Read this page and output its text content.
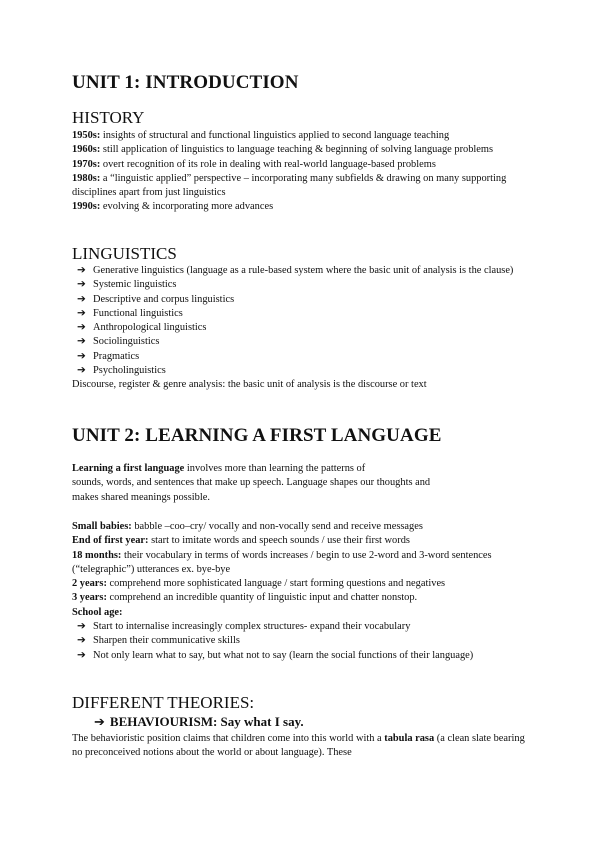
UNIT 1: INTRODUCTION
HISTORY
1950s: insights of structural and functional linguistics applied to second language teaching
1960s: still application of linguistics to language teaching & beginning of solving language problems
1970s: overt recognition of its role in dealing with real-world language-based problems
1980s: a “linguistic applied” perspective – incorporating many subfields & drawing on many supporting disciplines apart from just linguistics
1990s: evolving & incorporating more advances
LINGUISTICS
➔ Generative linguistics (language as a rule-based system where the basic unit of analysis is the clause)
➔ Systemic linguistics
➔ Descriptive and corpus linguistics
➔ Functional linguistics
➔ Anthropological linguistics
➔ Sociolinguistics
➔ Pragmatics
➔ Psycholinguistics
Discourse, register & genre analysis: the basic unit of analysis is the discourse or text
UNIT 2: LEARNING A FIRST LANGUAGE
Learning a first language involves more than learning the patterns of
sounds, words, and sentences that make up speech. Language shapes our thoughts and
makes shared meanings possible.
Small babies: babble –coo–cry/ vocally and non-vocally send and receive messages
End of first year: start to imitate words and speech sounds / use their first words
18 months: their vocabulary in terms of words increases / begin to use 2-word and 3-word sentences (“telegraphic”) utterances ex. bye-bye
2 years: comprehend more sophisticated language / start forming questions and negatives
3 years: comprehend an incredible quantity of linguistic input and chatter nonstop.
School age:
➔ Start to internalise increasingly complex structures- expand their vocabulary
➔ Sharpen their communicative skills
➔ Not only learn what to say, but what not to say (learn the social functions of their language)
DIFFERENT THEORIES:
➔ BEHAVIOURISM: Say what I say.
The behavioristic position claims that children come into this world with a tabula rasa (a clean slate bearing no preconceived notions about the world or about language). These
